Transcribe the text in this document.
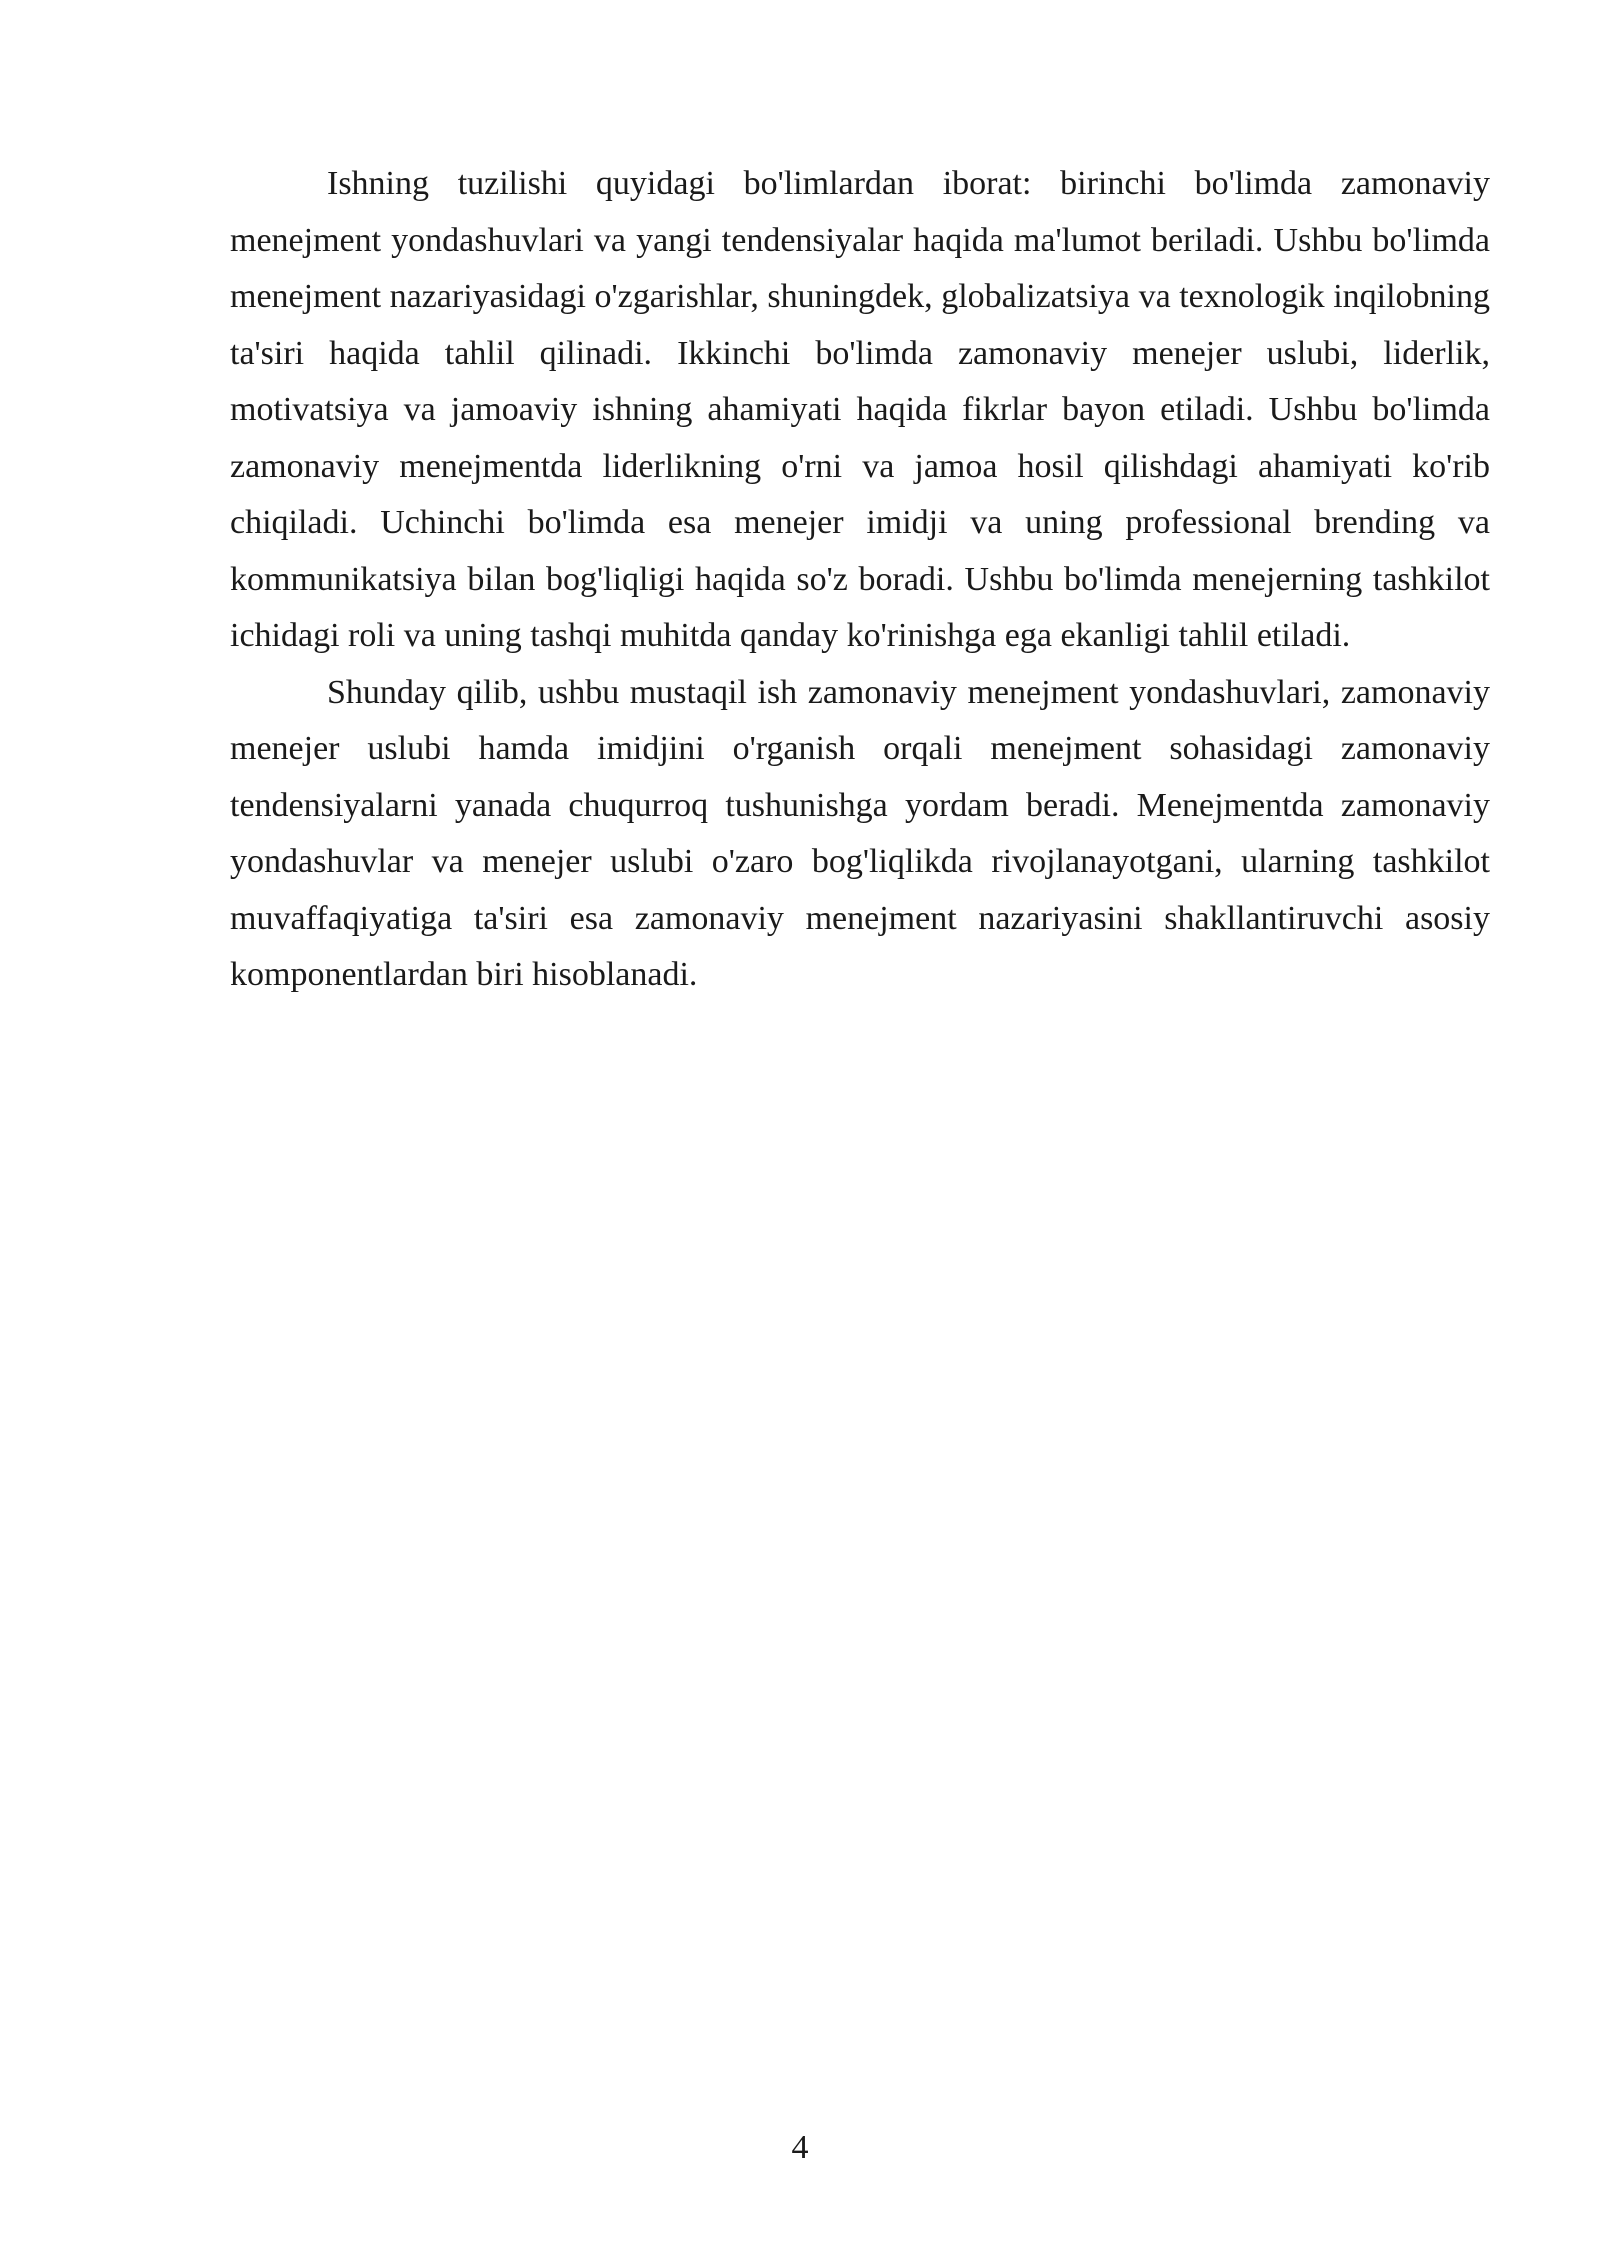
Ishning tuzilishi quyidagi bo'limlardan iborat: birinchi bo'limda zamonaviy menejment yondashuvlari va yangi tendensiyalar haqida ma'lumot beriladi. Ushbu bo'limda menejment nazariyasidagi o'zgarishlar, shuningdek, globalizatsiya va texnologik inqilobning ta'siri haqida tahlil qilinadi. Ikkinchi bo'limda zamonaviy menejer uslubi, liderlik, motivatsiya va jamoaviy ishning ahamiyati haqida fikrlar bayon etiladi. Ushbu bo'limda zamonaviy menejmentda liderlikning o'rni va jamoa hosil qilishdagi ahamiyati ko'rib chiqiladi. Uchinchi bo'limda esa menejer imidji va uning professional brending va kommunikatsiya bilan bog'liqligi haqida so'z boradi. Ushbu bo'limda menejerning tashkilot ichidagi roli va uning tashqi muhitda qanday ko'rinishga ega ekanligi tahlil etiladi.

Shunday qilib, ushbu mustaqil ish zamonaviy menejment yondashuvlari, zamonaviy menejer uslubi hamda imidjini o'rganish orqali menejment sohasidagi zamonaviy tendensiyalarni yanada chuqurroq tushunishga yordam beradi. Menejmentda zamonaviy yondashuvlar va menejer uslubi o'zaro bog'liqlikda rivojlanayotgani, ularning tashkilot muvaffaqiyatiga ta'siri esa zamonaviy menejment nazariyasini shakllantiruvchi asosiy komponentlardan biri hisoblanadi.

4
